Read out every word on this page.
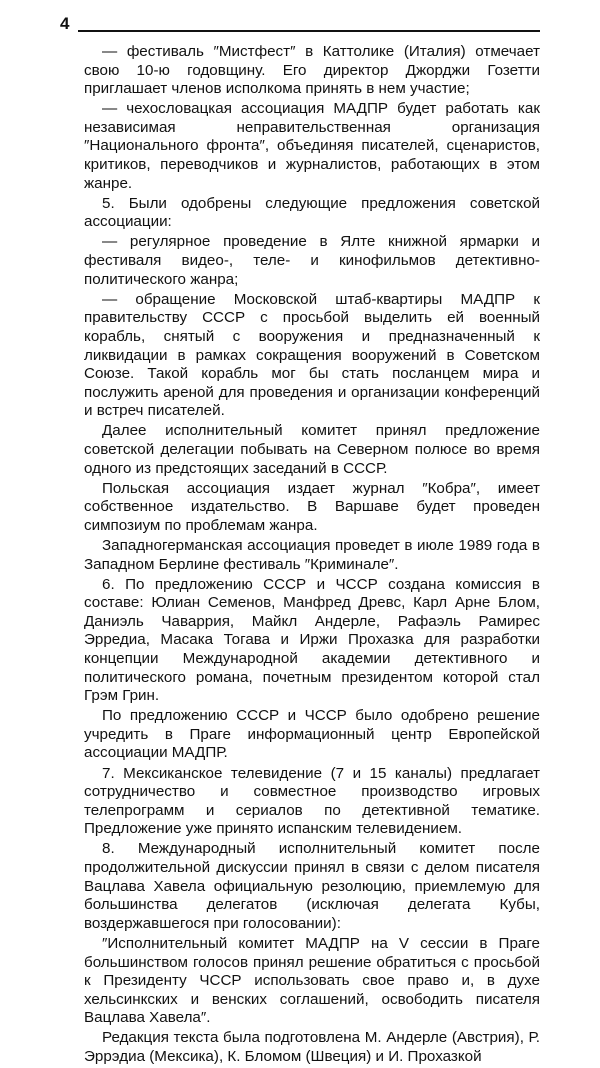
4

— фестиваль ″Мистфест″ в Каттолике (Италия) отмечает свою 10-ю годовщину. Его директор Джорджи Гозетти приглашает членов исполкома принять в нем участие;

— чехословацкая ассоциация МАДПР будет работать как независимая неправительственная организация ″Национального фронта″, объединяя писателей, сценаристов, критиков, переводчиков и журналистов, работающих в этом жанре.

5. Были одобрены следующие предложения советской ассоциации:

— регулярное проведение в Ялте книжной ярмарки и фестиваля видео-, теле- и кинофильмов детективно-политического жанра;

— обращение Московской штаб-квартиры МАДПР к правительству СССР с просьбой выделить ей военный корабль, снятый с вооружения и предназначенный к ликвидации в рамках сокращения вооружений в Советском Союзе. Такой корабль мог бы стать посланцем мира и послужить ареной для проведения и организации конференций и встреч писателей.

Далее исполнительный комитет принял предложение советской делегации побывать на Северном полюсе во время одного из предстоящих заседаний в СССР.

Польская ассоциация издает журнал ″Кобра″, имеет собственное издательство. В Варшаве будет проведен симпозиум по проблемам жанра.

Западногерманская ассоциация проведет в июле 1989 года в Западном Берлине фестиваль ″Криминале″.

6. По предложению СССР и ЧССР создана комиссия в составе: Юлиан Семенов, Манфред Древс, Карл Арне Блом, Даниэль Чаваррия, Майкл Андерле, Рафаэль Рамирес Эрредиа, Масака Тогава и Иржи Прохазка для разработки концепции Международной академии детективного и политического романа, почетным президентом которой стал Грэм Грин.

По предложению СССР и ЧССР было одобрено решение учредить в Праге информационный центр Европейской ассоциации МАДПР.

7. Мексиканское телевидение (7 и 15 каналы) предлагает сотрудничество и совместное производство игровых телепрограмм и сериалов по детективной тематике. Предложение уже принято испанским телевидением.

8. Международный исполнительный комитет после продолжительной дискуссии принял в связи с делом писателя Вацлава Хавела официальную резолюцию, приемлемую для большинства делегатов (исключая делегата Кубы, воздержавшегося при голосовании):

″Исполнительный комитет МАДПР на V сессии в Праге большинством голосов принял решение обратиться с просьбой к Президенту ЧССР использовать свое право и, в духе хельсинкских и венских соглашений, освободить писателя Вацлава Хавела″.

Редакция текста была подготовлена М. Андерле (Австрия), Р. Эррэдиа (Мексика), К. Бломом (Швеция) и И. Прохазкой
